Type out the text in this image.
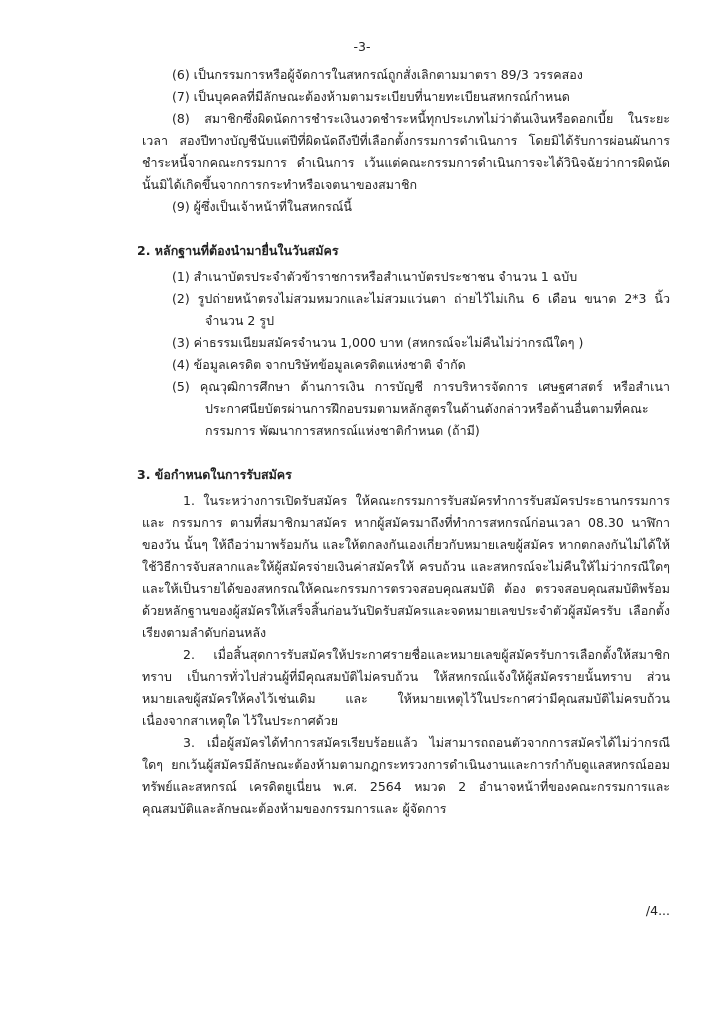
-3-

(6) เป็นกรรมการหรือผู้จัดการในสหกรณ์ถูกสั่งเลิกตามมาตรา 89/3 วรรคสอง

(7) เป็นบุคคลที่มีลักษณะต้องห้ามตามระเบียบที่นายทะเบียนสหกรณ์กำหนด

(8) สมาชิกซึ่งผิดนัดการชำระเงินงวดชำระหนี้ทุกประเภทไม่ว่าต้นเงินหรือดอกเบี้ย ในระยะเวลา สองปีทางบัญชีนับแต่ปีที่ผิดนัดถึงปีที่เลือกตั้งกรรมการดำเนินการ โดยมิได้รับการผ่อนผันการชำระหนี้จากคณะกรรมการ ดำเนินการ เว้นแต่คณะกรรมการดำเนินการจะได้วินิจฉัยว่าการผิดนัดนั้นมิได้เกิดขึ้นจากการกระทำหรือเจตนาของสมาชิก

(9) ผู้ซึ่งเป็นเจ้าหน้าที่ในสหกรณ์นี้

2. หลักฐานที่ต้องนำมายื่นในวันสมัคร

(1) สำเนาบัตรประจำตัวข้าราชการหรือสำเนาบัตรประชาชน จำนวน 1 ฉบับ

(2) รูปถ่ายหน้าตรงไม่สวมหมวกและไม่สวมแว่นตา ถ่ายไว้ไม่เกิน 6 เดือน ขนาด 2*3 นิ้ว จำนวน 2 รูป

(3) ค่าธรรมเนียมสมัครจำนวน 1,000 บาท (สหกรณ์จะไม่คืนไม่ว่ากรณีใดๆ )

(4) ข้อมูลเครดิต จากบริษัทข้อมูลเครดิตแห่งชาติ จำกัด

(5) คุณวุฒิการศึกษา ด้านการเงิน การบัญชี การบริหารจัดการ เศษฐศาสตร์ หรือสำเนา ประกาศนียบัตรผ่านการฝึกอบรมตามหลักสูตรในด้านดังกล่าวหรือด้านอื่นตามที่คณะกรรมการ พัฒนาการสหกรณ์แห่งชาติกำหนด (ถ้ามี)

3. ข้อกำหนดในการรับสมัคร

1. ในระหว่างการเปิดรับสมัคร ให้คณะกรรมการรับสมัครทำการรับสมัครประธานกรรมการ และ กรรมการ ตามที่สมาชิกมาสมัคร หากผู้สมัครมาถึงที่ทำการสหกรณ์ก่อนเวลา 08.30 นาฬิกาของวัน นั้นๆ ให้ถือว่ามาพร้อมกัน และให้ตกลงกันเองเกี่ยวกับหมายเลขผู้สมัคร หากตกลงกันไม่ได้ให้ใช้วิธีการจับสลากและให้ผู้สมัครจ่ายเงินค่าสมัครให้ ครบถ้วน และสหกรณ์จะไม่คืนให้ไม่ว่ากรณีใดๆ และให้เป็นรายได้ของสหกรณให้คณะกรรมการตรวจสอบคุณสมบัติ ต้อง ตรวจสอบคุณสมบัติพร้อมด้วยหลักฐานของผู้สมัครให้เสร็จสิ้นก่อนวันปิดรับสมัครและจดหมายเลขประจำตัวผู้สมัครรับ เลือกตั้งเรียงตามลำดับก่อนหลัง

2. เมื่อสิ้นสุดการรับสมัครให้ประกาศรายชื่อและหมายเลขผู้สมัครรับการเลือกตั้งให้สมาชิกทราบ เป็นการทั่วไปส่วนผู้ที่มีคุณสมบัติไม่ครบถ้วน ให้สหกรณ์แจ้งให้ผู้สมัครรายนั้นทราบ ส่วนหมายเลขผู้สมัครให้คงไว้เช่นเดิม และ ให้หมายเหตุไว้ในประกาศว่ามีคุณสมบัติไม่ครบถ้วน เนื่องจากสาเหตุใด ไว้ในประกาศด้วย

3. เมื่อผู้สมัครได้ทำการสมัครเรียบร้อยแล้ว ไม่สามารถถอนตัวจากการสมัครได้ไม่ว่ากรณีใดๆ ยกเว้นผู้สมัครมีลักษณะต้องห้ามตามกฎกระทรวงการดำเนินงานและการกำกับดูแลสหกรณ์ออมทรัพย์และสหกรณ์ เครดิตยูเนี่ยน พ.ศ. 2564 หมวด 2 อำนาจหน้าที่ของคณะกรรมการและคุณสมบัติและลักษณะต้องห้ามของกรรมการและ ผู้จัดการ

/4...
